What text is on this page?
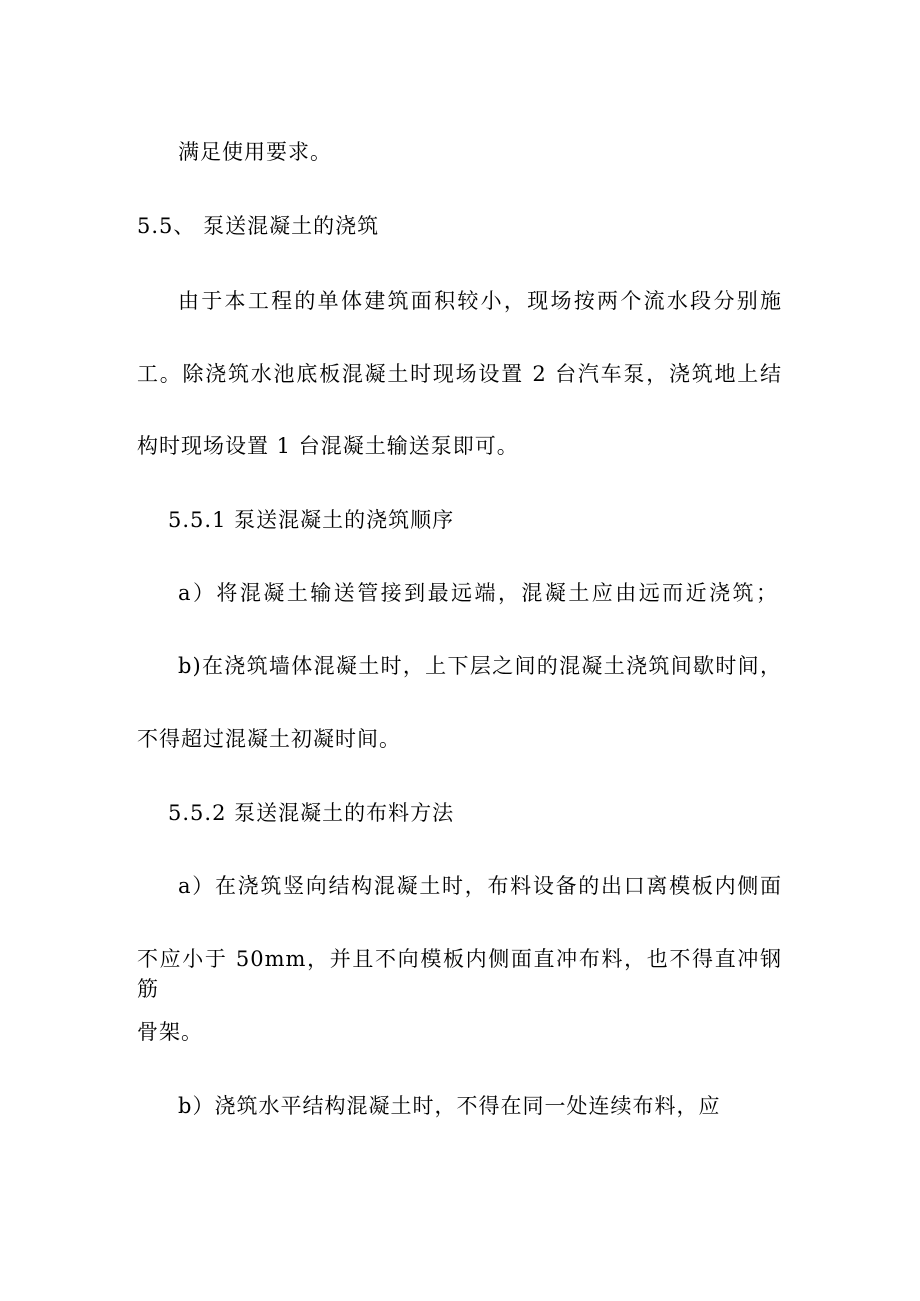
满足使用要求。
5.5、 泵送混凝土的浇筑
由于本工程的单体建筑面积较小，现场按两个流水段分别施
工。除浇筑水池底板混凝土时现场设置 2 台汽车泵，浇筑地上结
构时现场设置 1 台混凝土输送泵即可。
5.5.1 泵送混凝土的浇筑顺序
a）将混凝土输送管接到最远端，混凝土应由远而近浇筑；
b)在浇筑墙体混凝土时，上下层之间的混凝土浇筑间歇时间，
不得超过混凝土初凝时间。
5.5.2 泵送混凝土的布料方法
a）在浇筑竖向结构混凝土时，布料设备的出口离模板内侧面
不应小于 50mm，并且不向模板内侧面直冲布料，也不得直冲钢筋
骨架。
b）浇筑水平结构混凝土时，不得在同一处连续布料，应
